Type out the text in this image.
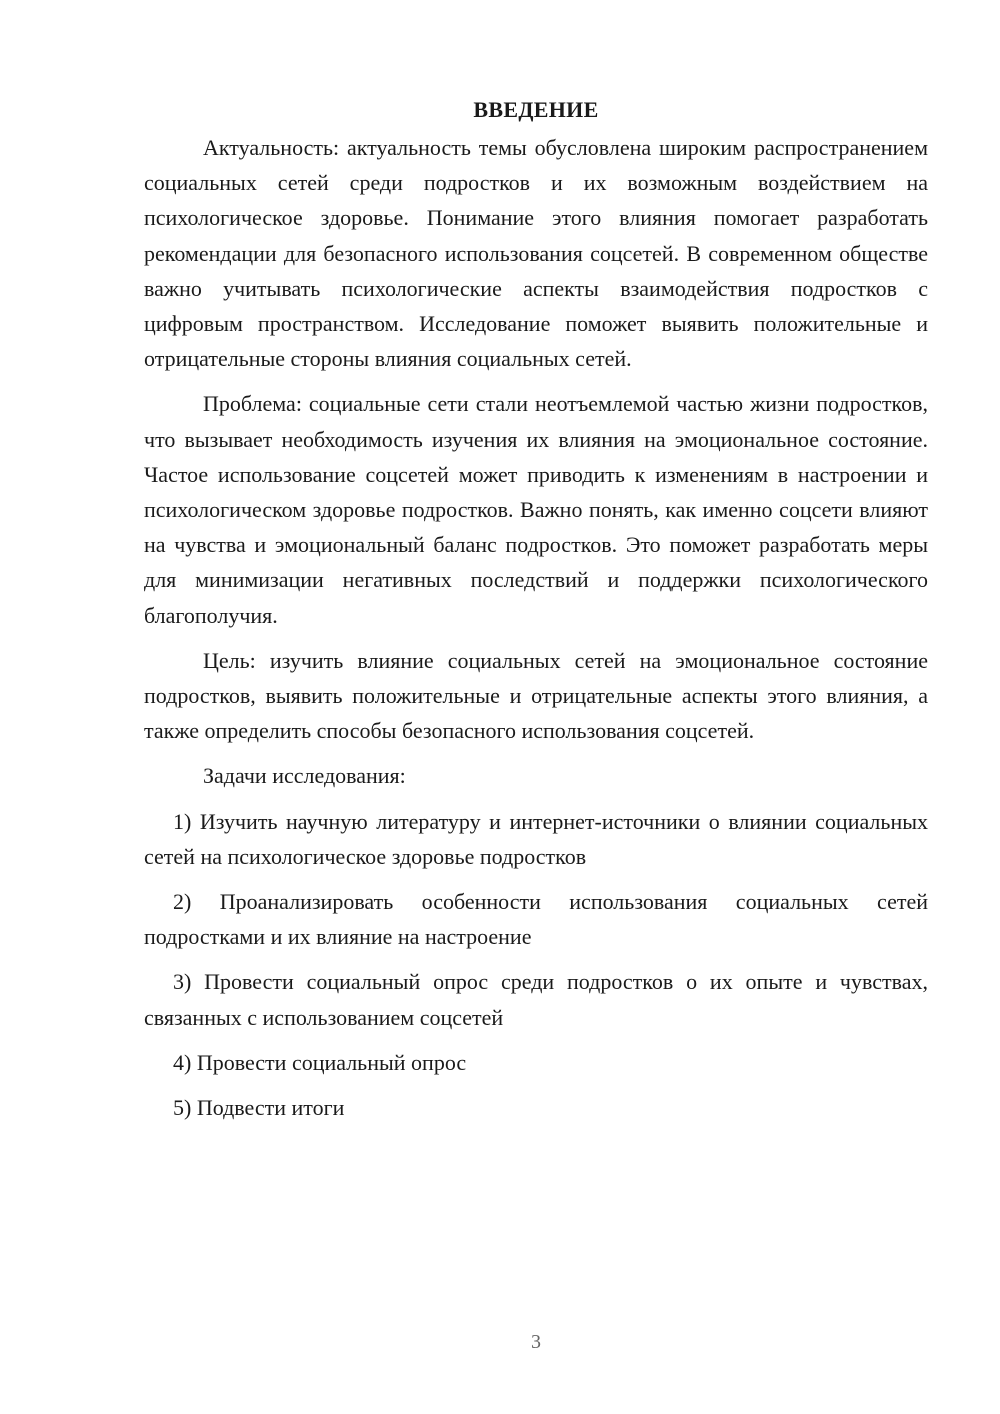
ВВЕДЕНИЕ

Актуальность: актуальность темы обусловлена широким распространением социальных сетей среди подростков и их возможным воздействием на психологическое здоровье. Понимание этого влияния помогает разработать рекомендации для безопасного использования соцсетей. В современном обществе важно учитывать психологические аспекты взаимодействия подростков с цифровым пространством. Исследование поможет выявить положительные и отрицательные стороны влияния социальных сетей.

Проблема: социальные сети стали неотъемлемой частью жизни подростков, что вызывает необходимость изучения их влияния на эмоциональное состояние. Частое использование соцсетей может приводить к изменениям в настроении и психологическом здоровье подростков. Важно понять, как именно соцсети влияют на чувства и эмоциональный баланс подростков. Это поможет разработать меры для минимизации негативных последствий и поддержки психологического благополучия.

Цель: изучить влияние социальных сетей на эмоциональное состояние подростков, выявить положительные и отрицательные аспекты этого влияния, а также определить способы безопасного использования соцсетей.

Задачи исследования:

1) Изучить научную литературу и интернет-источники о влиянии социальных сетей на психологическое здоровье подростков

2) Проанализировать особенности использования социальных сетей подростками и их влияние на настроение

3) Провести социальный опрос среди подростков о их опыте и чувствах, связанных с использованием соцсетей

4) Провести социальный опрос

5) Подвести итоги

3
